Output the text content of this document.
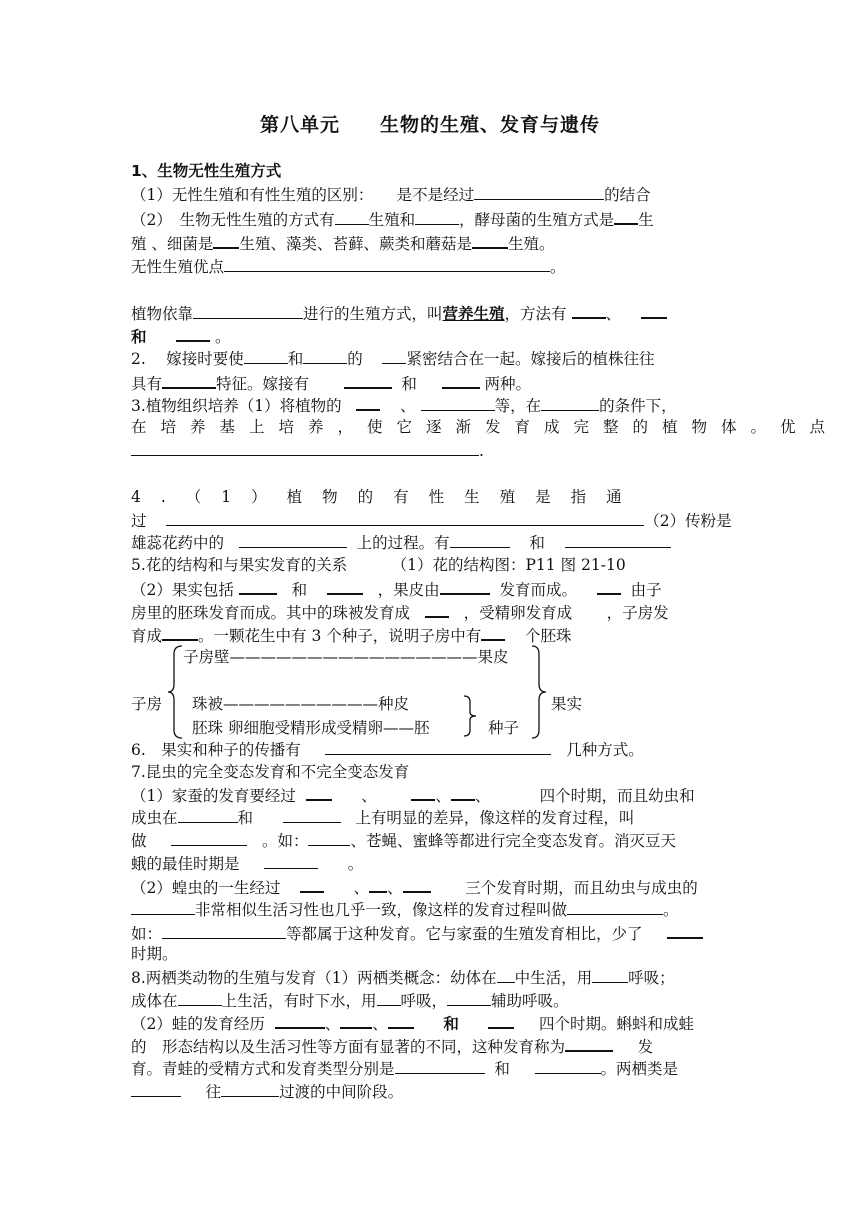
第八单元　　生物的生殖、发育与遗传
1、生物无性生殖方式
（1）无性生殖和有性生殖的区别：　　是不是经过	的结合
（2）　生物无性生殖的方式有 生殖和	，酵母菌的生殖方式是 生
殖 、细菌是 生殖、藻类、苔藓、蕨类和蘑菇是 生殖。
无性生殖优点	。
植物依靠	进行的生殖方式，叫营养生殖，方法有	、
和	。
2.　 嫁接时要使	和	的	紧密结合在一起。嫁接后的植株往往
具有	特征。嫁接有	和	两种。
3.植物组织培养（1）将植物的	、	等，在	的条件下，
在培养基上培养，使它逐渐发育成完整的植物体。优点
.
4.（1）植物的有性生殖是指通
过	（2）传粉是
雄蕊花药中的	上的过程。有	和
5.花的结构和与果实发育的关系	（1）花的结构图：P11 图 21-10
（2）果实包括	和	，果皮由	发育而成。	由子
房里的胚珠发育而成。其中的珠被发育成	，受精卵发育成 ，子房发
育成 。一颗花生中有 3 个种子，说明子房中有	个胚珠
子房壁————————————————果皮
子房 珠被——————————种皮
胚珠 卵细胞受精形成受精卵——胚	种子
果实
6.　果实和种子的传播有	几种方式。
7.昆虫的完全变态发育和不完全变态发育
（1）家蚕的发育要经过	、	、 、	四个时期，而且幼虫和
成虫在	和	上有明显的差异，像这样的发育过程，叫
做	。如：	、苍蝇、蜜蜂等都进行完全变态发育。消灭豆天
蛾的最佳时期是	。
（2）蝗虫的一生经过	、 、	三个发育时期，而且幼虫与成虫的
非常相似生活习性也几乎一致，像这样的发育过程叫做	。
如：	等都属于这种发育。它与家蚕的生殖发育相比，少了
时期。
8.两栖类动物的生殖与发育（1）两栖类概念：幼体在 中生活，用 呼吸；
成体在	上生活，有时下水，用 呼吸，	辅助呼吸。
（2）蛙的发育经历	、 、	和	四个时期。蝌蚪和成蛙
的　形态结构以及生活习性等方面有显著的不同，这种发育称为	发
育。青蛙的受精方式和发育类型分别是	和	。两栖类是
往	过渡的中间阶段。
